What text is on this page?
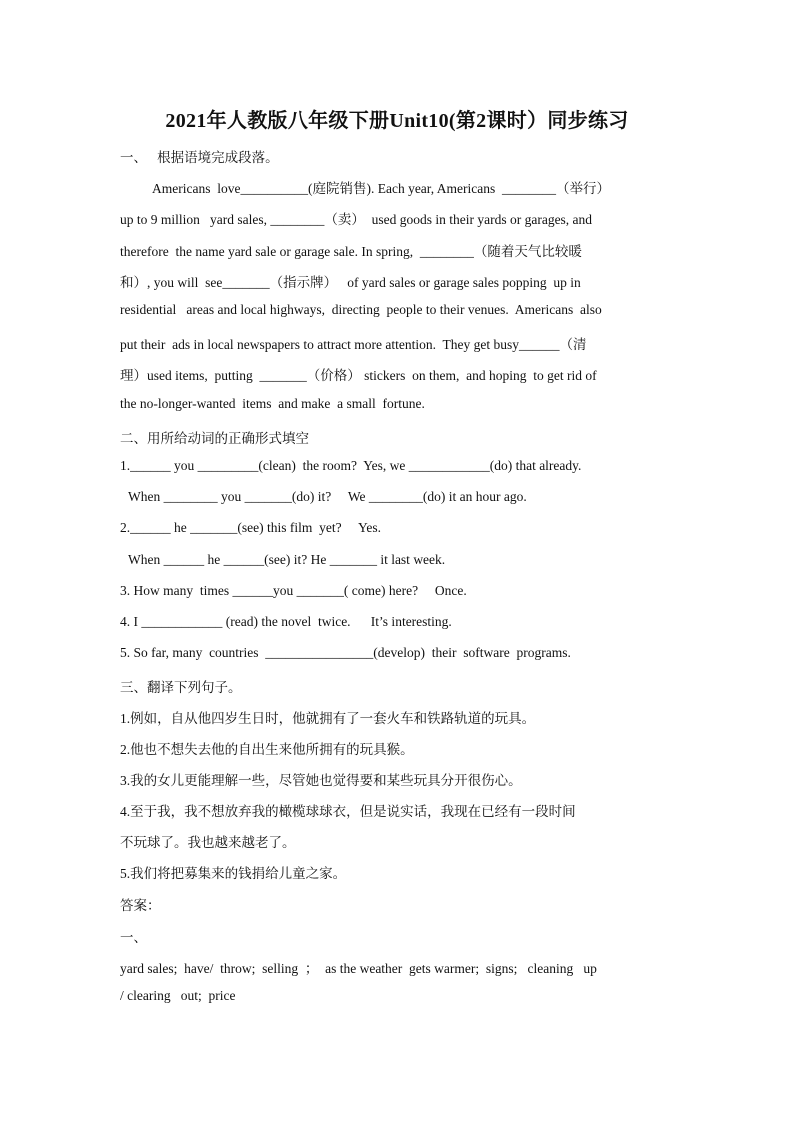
2021年人教版八年级下册Unit10(第2课时）同步练习
一、　 根据语境完成段落。
Americans  love__________(庭院销售). Each year, Americans  ________（举行）
up to 9 million   yard sales, ________（卖）  used goods in their yards or garages, and
therefore  the name yard sale or garage sale. In spring,  ________（随着天气比较暖
和）, you will  see_______（指示牌）   of yard sales or garage sales popping  up in
residential   areas and local highways,  directing  people to their venues.  Americans  also
put their  ads in local newspapers to attract more attention.  They get busy______（清
理）used items,  putting  _______（价格） stickers  on them,  and hoping  to get rid of
the no-longer-wanted  items  and make  a small  fortune.
二、用所给动词的正确形式填空
1.______ you _________(clean)  the room?  Yes, we ____________(do) that already.
When ________ you _______(do) it?     We ________(do) it an hour ago.
2.______ he _______(see) this film  yet?     Yes.
When ______ he ______(see) it? He _______ it last week.
3. How many  times ______you _______( come) here?     Once.
4. I ____________ (read) the novel  twice.      It’s interesting.
5. So far, many  countries  ________________(develop)  their  software  programs.
三、翻译下列句子。
1.例如，自从他四岁生日时，他就拥有了一套火车和铁路轨道的玩具。
2.他也不想失去他的自出生来他所拥有的玩具猴。
3.我的女儿更能理解一些，尽管她也觉得要和某些玩具分开很伤心。
4.至于我，我不想放弃我的橄榄球球衣，但是说实话，我现在已经有一段时间
不玩球了。我也越来越老了。
5.我们将把募集来的钱捐给儿童之家。
答案：
一、
yard sales;  have/  throw;  selling  ；  as the weather  gets warmer;  signs;   cleaning   up
/ clearing   out;  price
